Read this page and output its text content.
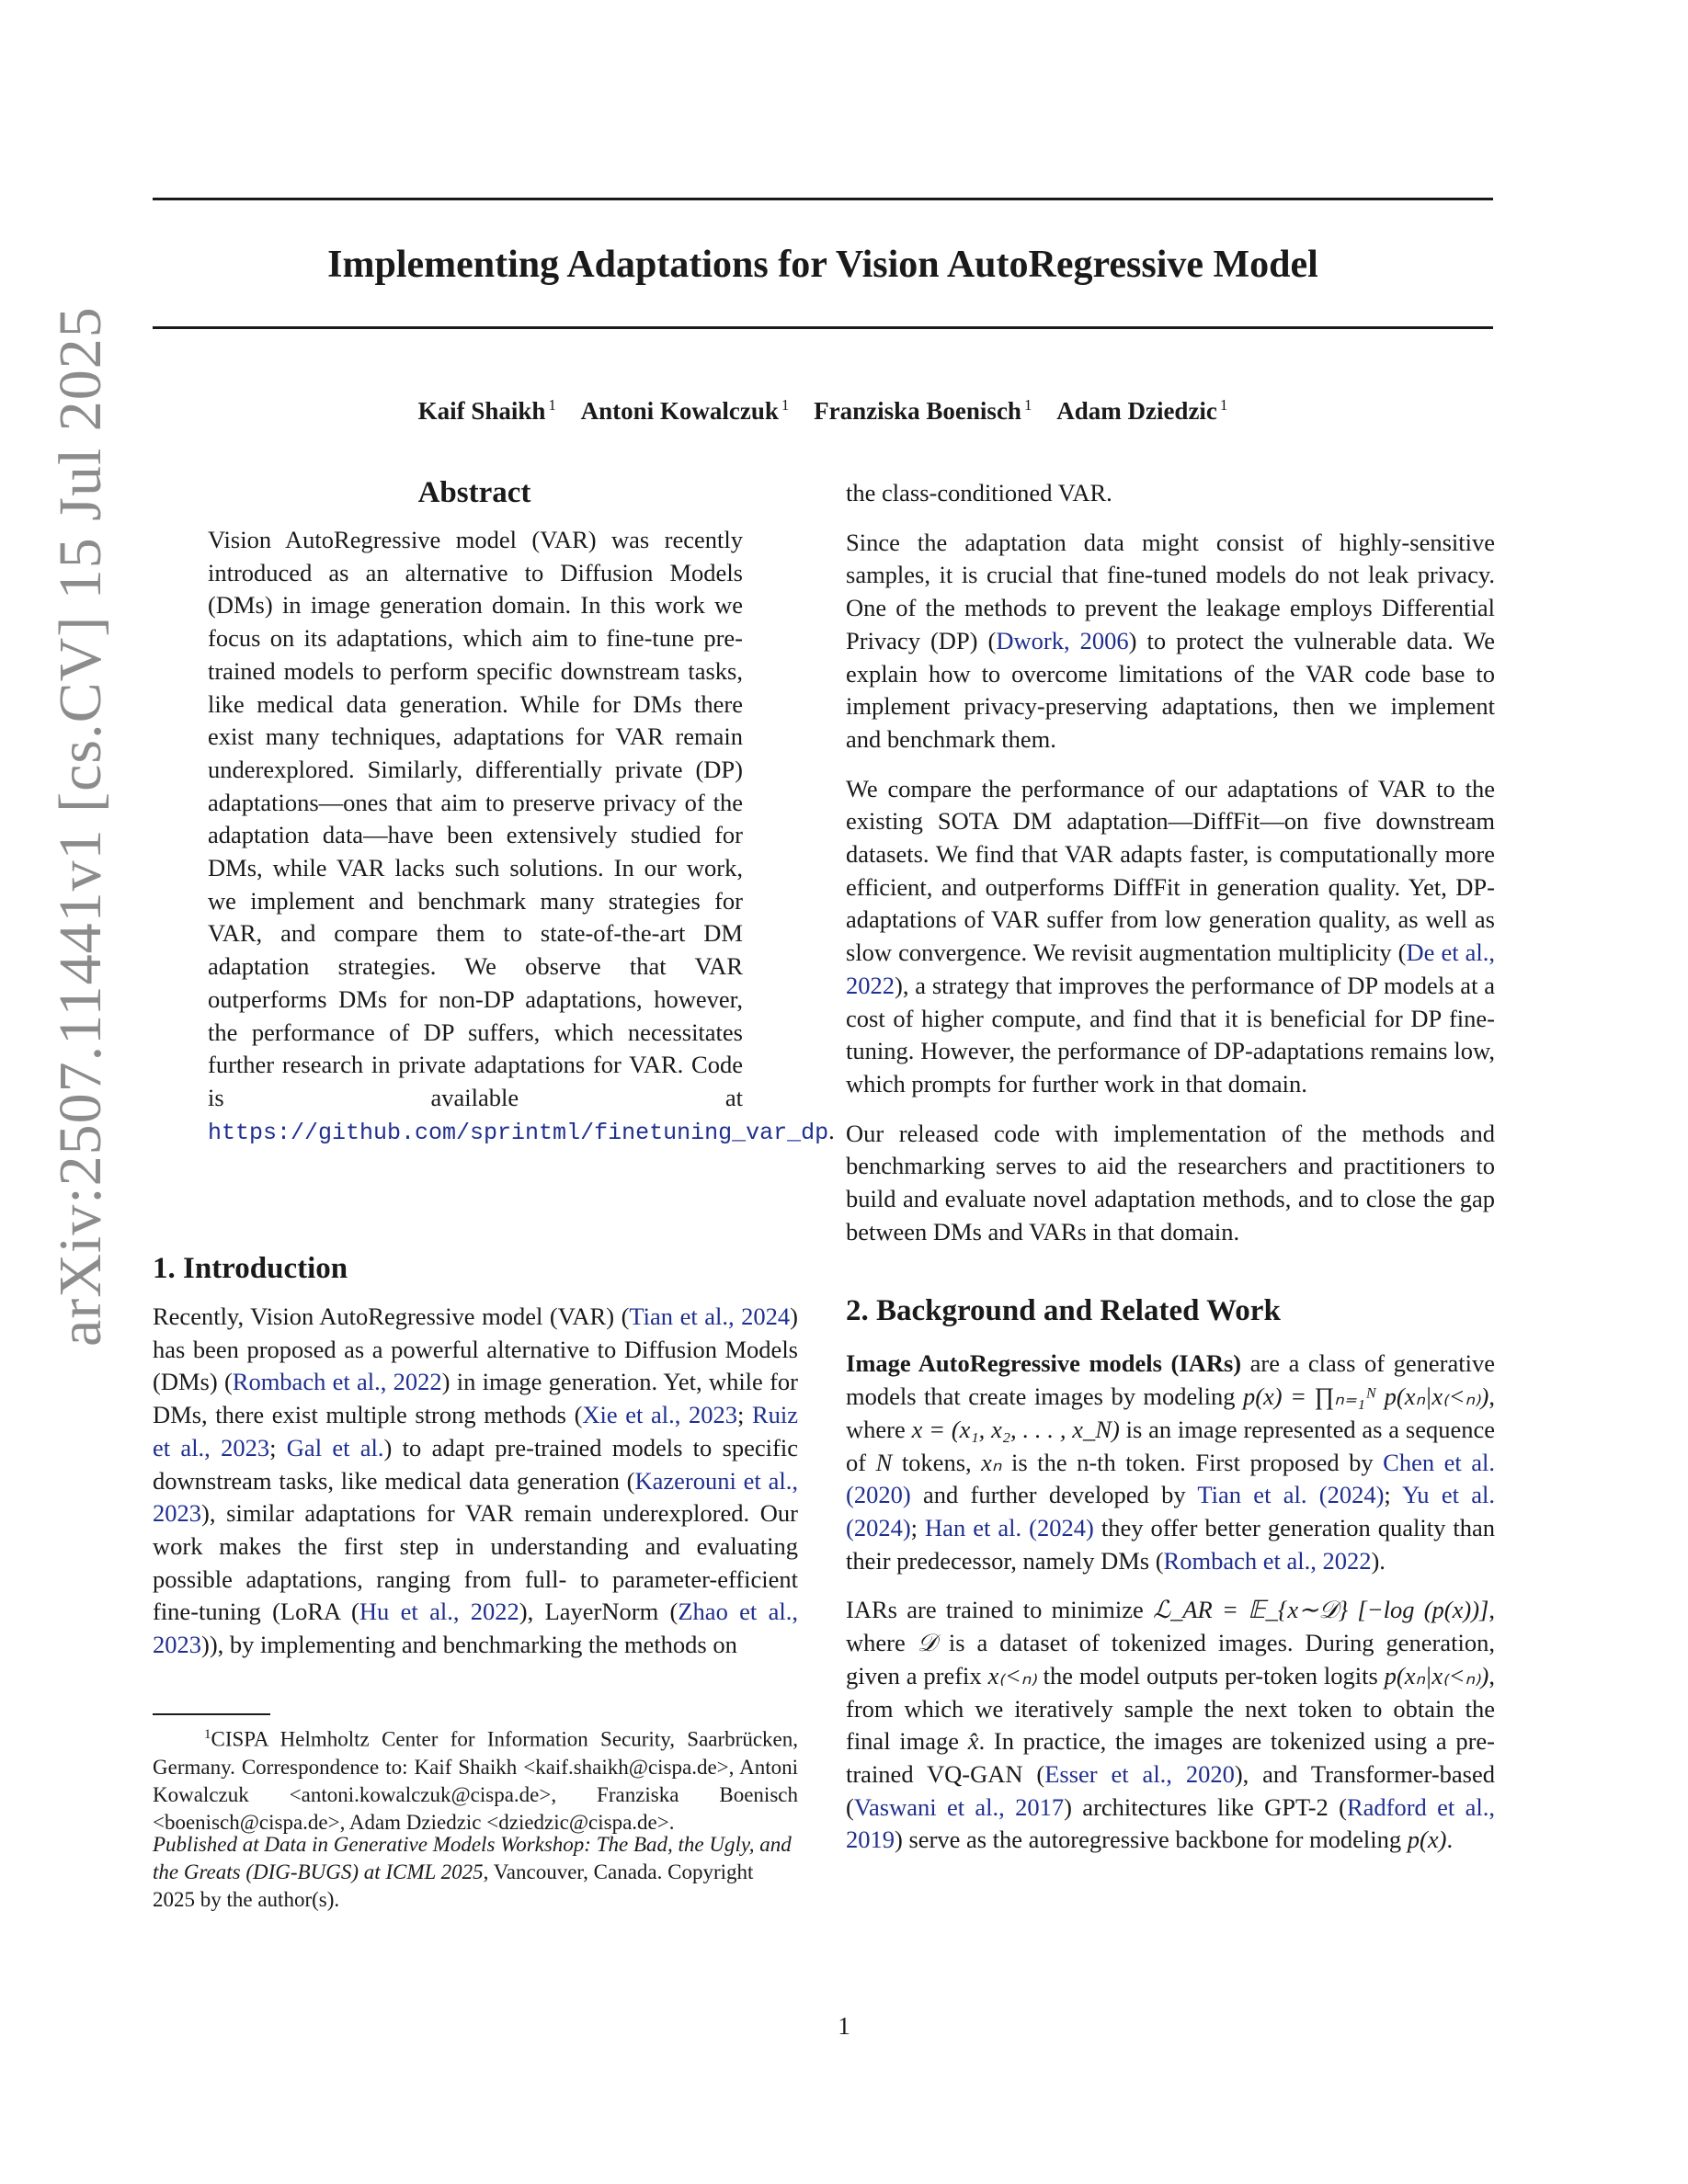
Implementing Adaptations for Vision AutoRegressive Model
Kaif Shaikh $^1$ Antoni Kowalczuk $^1$ Franziska Boenisch $^1$ Adam Dziedzic $^1$
arXiv:2507.11441v1 [cs.CV] 15 Jul 2025	Abstract

Vision AutoRegressive model (VAR) was recently introduced as an alternative to Diffusion Models (DMs) in image generation domain. In this work we focus on its adaptations, which aim to fine-tune pre-trained models to perform specific downstream tasks, like medical data generation. While for DMs there exist many techniques, adaptations for VAR remain underexplored. Similarly, differentially private (DP) adaptations—ones that aim to preserve privacy of the adaptation data—have been extensively studied for DMs, while VAR lacks such solutions. In our work, we implement and benchmark many strategies for VAR, and compare them to state-of-the-art DM adaptation strategies. We observe that VAR outperforms DMs for non-DP adaptations, however, the performance of DP suffers, which necessitates further research in private adaptations for VAR. Code is available at https://github.com/sprintml/finetuning_var_dp.

1. Introduction

Recently, Vision AutoRegressive model (VAR) (Tian et al., 2024) has been proposed as a powerful alternative to Diffusion Models (DMs) (Rombach et al., 2022) in image generation. Yet, while for DMs, there exist multiple strong methods (Xie et al., 2023; Ruiz et al., 2023; Gal et al.) to adapt pre-trained models to specific downstream tasks, like medical data generation (Kazerouni et al., 2023), similar adaptations for VAR remain underexplored. Our work makes the first step in understanding and evaluating possible adaptations, ranging from full- to parameter-efficient fine-tuning (LoRA (Hu et al., 2022), LayerNorm (Zhao et al., 2023)), by implementing and benchmarking the methods on

$^1$CISPA Helmholtz Center for Information Security, Saarbrücken, Germany. Correspondence to: Kaif Shaikh <kaif.shaikh@cispa.de>, Antoni Kowalczuk <antoni.kowalczuk@cispa.de>, Franziska Boenisch <boenisch@cispa.de>, Adam Dziedzic <dziedzic@cispa.de>.

Published at Data in Generative Models Workshop: The Bad, the Ugly, and the Greats (DIG-BUGS) at ICML 2025, Vancouver, Canada. Copyright 2025 by the author(s).

the class-conditioned VAR.

Since the adaptation data might consist of highly-sensitive samples, it is crucial that fine-tuned models do not leak privacy. One of the methods to prevent the leakage employs Differential Privacy (DP) (Dwork, 2006) to protect the vulnerable data. We explain how to overcome limitations of the VAR code base to implement privacy-preserving adaptations, then we implement and benchmark them.

We compare the performance of our adaptations of VAR to the existing SOTA DM adaptation—DiffFit—on five downstream datasets. We find that VAR adapts faster, is computationally more efficient, and outperforms DiffFit in generation quality. Yet, DP-adaptations of VAR suffer from low generation quality, as well as slow convergence. We revisit augmentation multiplicity (De et al., 2022), a strategy that improves the performance of DP models at a cost of higher compute, and find that it is beneficial for DP fine-tuning. However, the performance of DP-adaptations remains low, which prompts for further work in that domain.

Our released code with implementation of the methods and benchmarking serves to aid the researchers and practitioners to build and evaluate novel adaptation methods, and to close the gap between DMs and VARs in that domain.

2. Background and Related Work

Image AutoRegressive models (IARs) are a class of generative models that create images by modeling p(x) = ∏ₙ₌₁ᴺ p(xₙ|x₍<ₙ₎), where x = (x₁, x₂, . . . , x_N) is an image represented as a sequence of N tokens, xₙ is the n-th token. First proposed by Chen et al. (2020) and further developed by Tian et al. (2024); Yu et al. (2024); Han et al. (2024) they offer better generation quality than their predecessor, namely DMs (Rombach et al., 2022).

IARs are trained to minimize ℒ_AR = 𝔼_{x∼𝒟} [−log (p(x))], where 𝒟 is a dataset of tokenized images. During generation, given a prefix x₍<ₙ₎ the model outputs per-token logits p(xₙ|x₍<ₙ₎), from which we iteratively sample the next token to obtain the final image x̂. In practice, the images are tokenized using a pre-trained VQ-GAN (Esser et al., 2020), and Transformer-based (Vaswani et al., 2017) architectures like GPT-2 (Radford et al., 2019) serve as the autoregressive backbone for modeling p(x).

1
